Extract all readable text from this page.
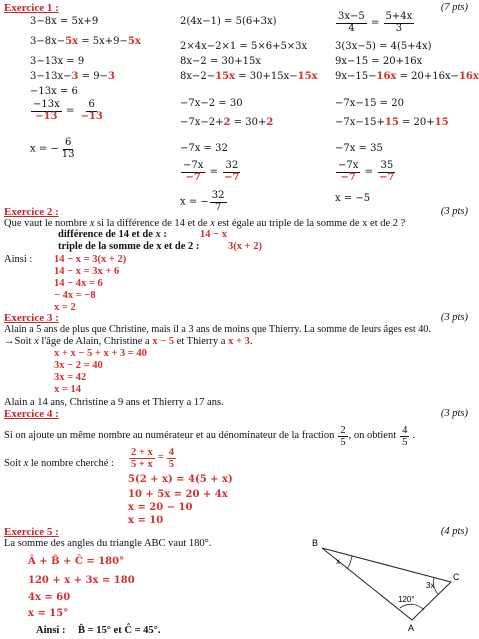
Exercice 1 :	(7 pts)
3−8x = 5x+9
3−8x−5x = 5x+9−5x
3−13x = 9
3−13x−3 = 9−3
−13x = 6
$\frac{-13x}{-13} = \frac{6}{-13}$
x = − $\frac{6}{13}$
2(4x−1) = 5(6+3x)
2×4x−2×1 = 5×6+5×3x
8x−2 = 30+15x
8x−2−15x = 30+15x−15x
−7x−2 = 30
−7x−2+2 = 30+2
−7x = 32
$\frac{-7x}{-7} = \frac{32}{-7}$
x = − $\frac{32}{7}$
$\frac{3x-5}{4} = \frac{5+4x}{3}$
3(3x−5) = 4(5+4x)
9x−15 = 20+16x
9x−15−16x = 20+16x−16x
−7x−15 = 20
−7x−15+15 = 20+15
−7x = 35
$\frac{-7x}{-7} = \frac{35}{-7}$
x = −5
Exercice 2 :	(3 pts)
Que vaut le nombre x si la différence de 14 et de x est égale au triple de la somme de x et de 2 ?
différence de 14 et de x :	14 − x
triple de la somme de x et de 2 :	3(x + 2)
Ainsi : 14 − x = 3(x + 2)
14 − x = 3x + 6
14 − 4x = 6
− 4x = −8
x = 2
Exercice 3 :	(3 pts)
Alain a 5 ans de plus que Christine, mais il a 3 ans de moins que Thierry. La somme de leurs âges est 40.
→Soit x l'âge de Alain, Christine a x − 5 et Thierry a x + 3.
x + x − 5 + x + 3 = 40
3x − 2 = 40
3x = 42
x = 14
Alain a 14 ans, Christine a 9 ans et Thierry a 17 ans.
Exercice 4 :	(3 pts)
Si on ajoute un même nombre au numérateur et au dénominateur de la fraction $\frac{2}{5}$ , on obtient $\frac{4}{5}$ .
Soit x le nombre cherché : $\frac{2 + x}{5 + x} = \frac{4}{5}$
5(2 + x) = 4(5 + x)
10 + 5x = 20 + 4x
x = 20 − 10
x = 10
Exercice 5 :	(4 pts)
La somme des angles du triangle ABC vaut 180°.
Â + B̂ + Ĉ = 180°
120 + x + 3x = 180
4x = 60
x = 15°
Ainsi : B̂ = 15° et Ĉ = 45°.
B
A
C
x
120°
3x
